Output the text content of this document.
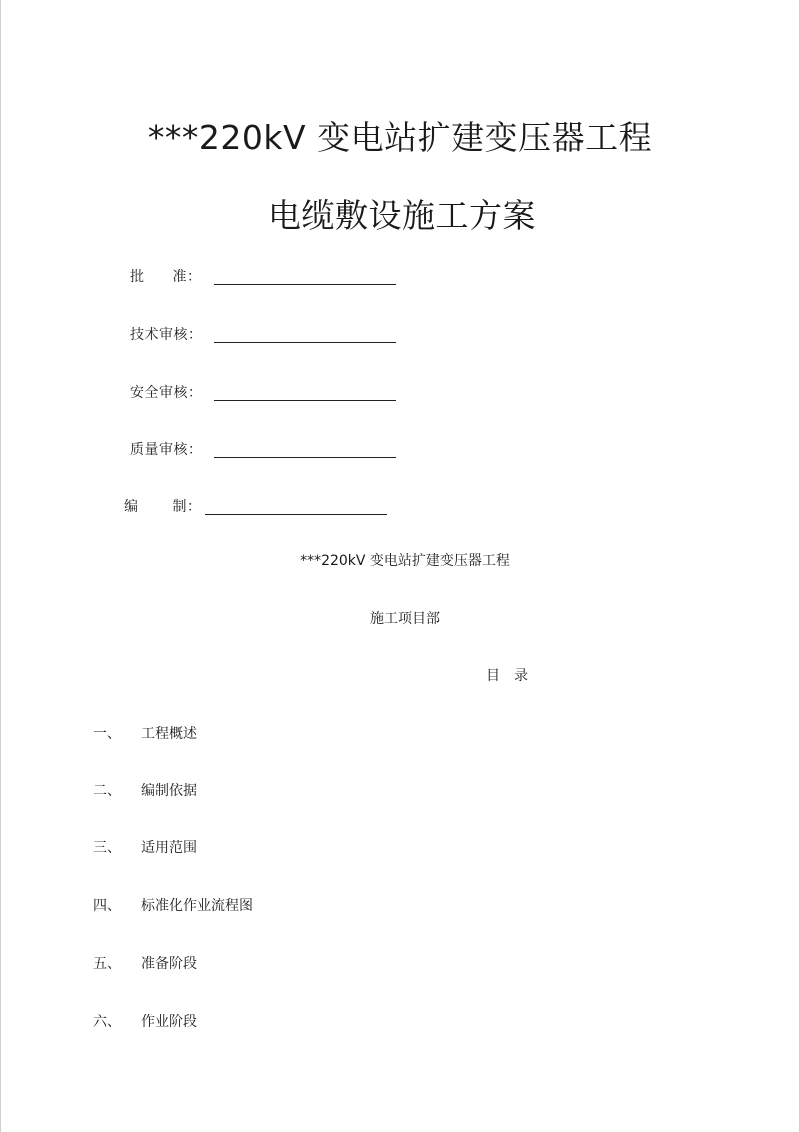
***220kV 变电站扩建变压器工程
电缆敷设施工方案
批 准：
技术审核：
安全审核：
质量审核：
编 制：
***220kV 变电站扩建变压器工程
施工项目部
目 录
一、 工程概述
二、 编制依据
三、 适用范围
四、 标准化作业流程图
五、 准备阶段
六、 作业阶段
